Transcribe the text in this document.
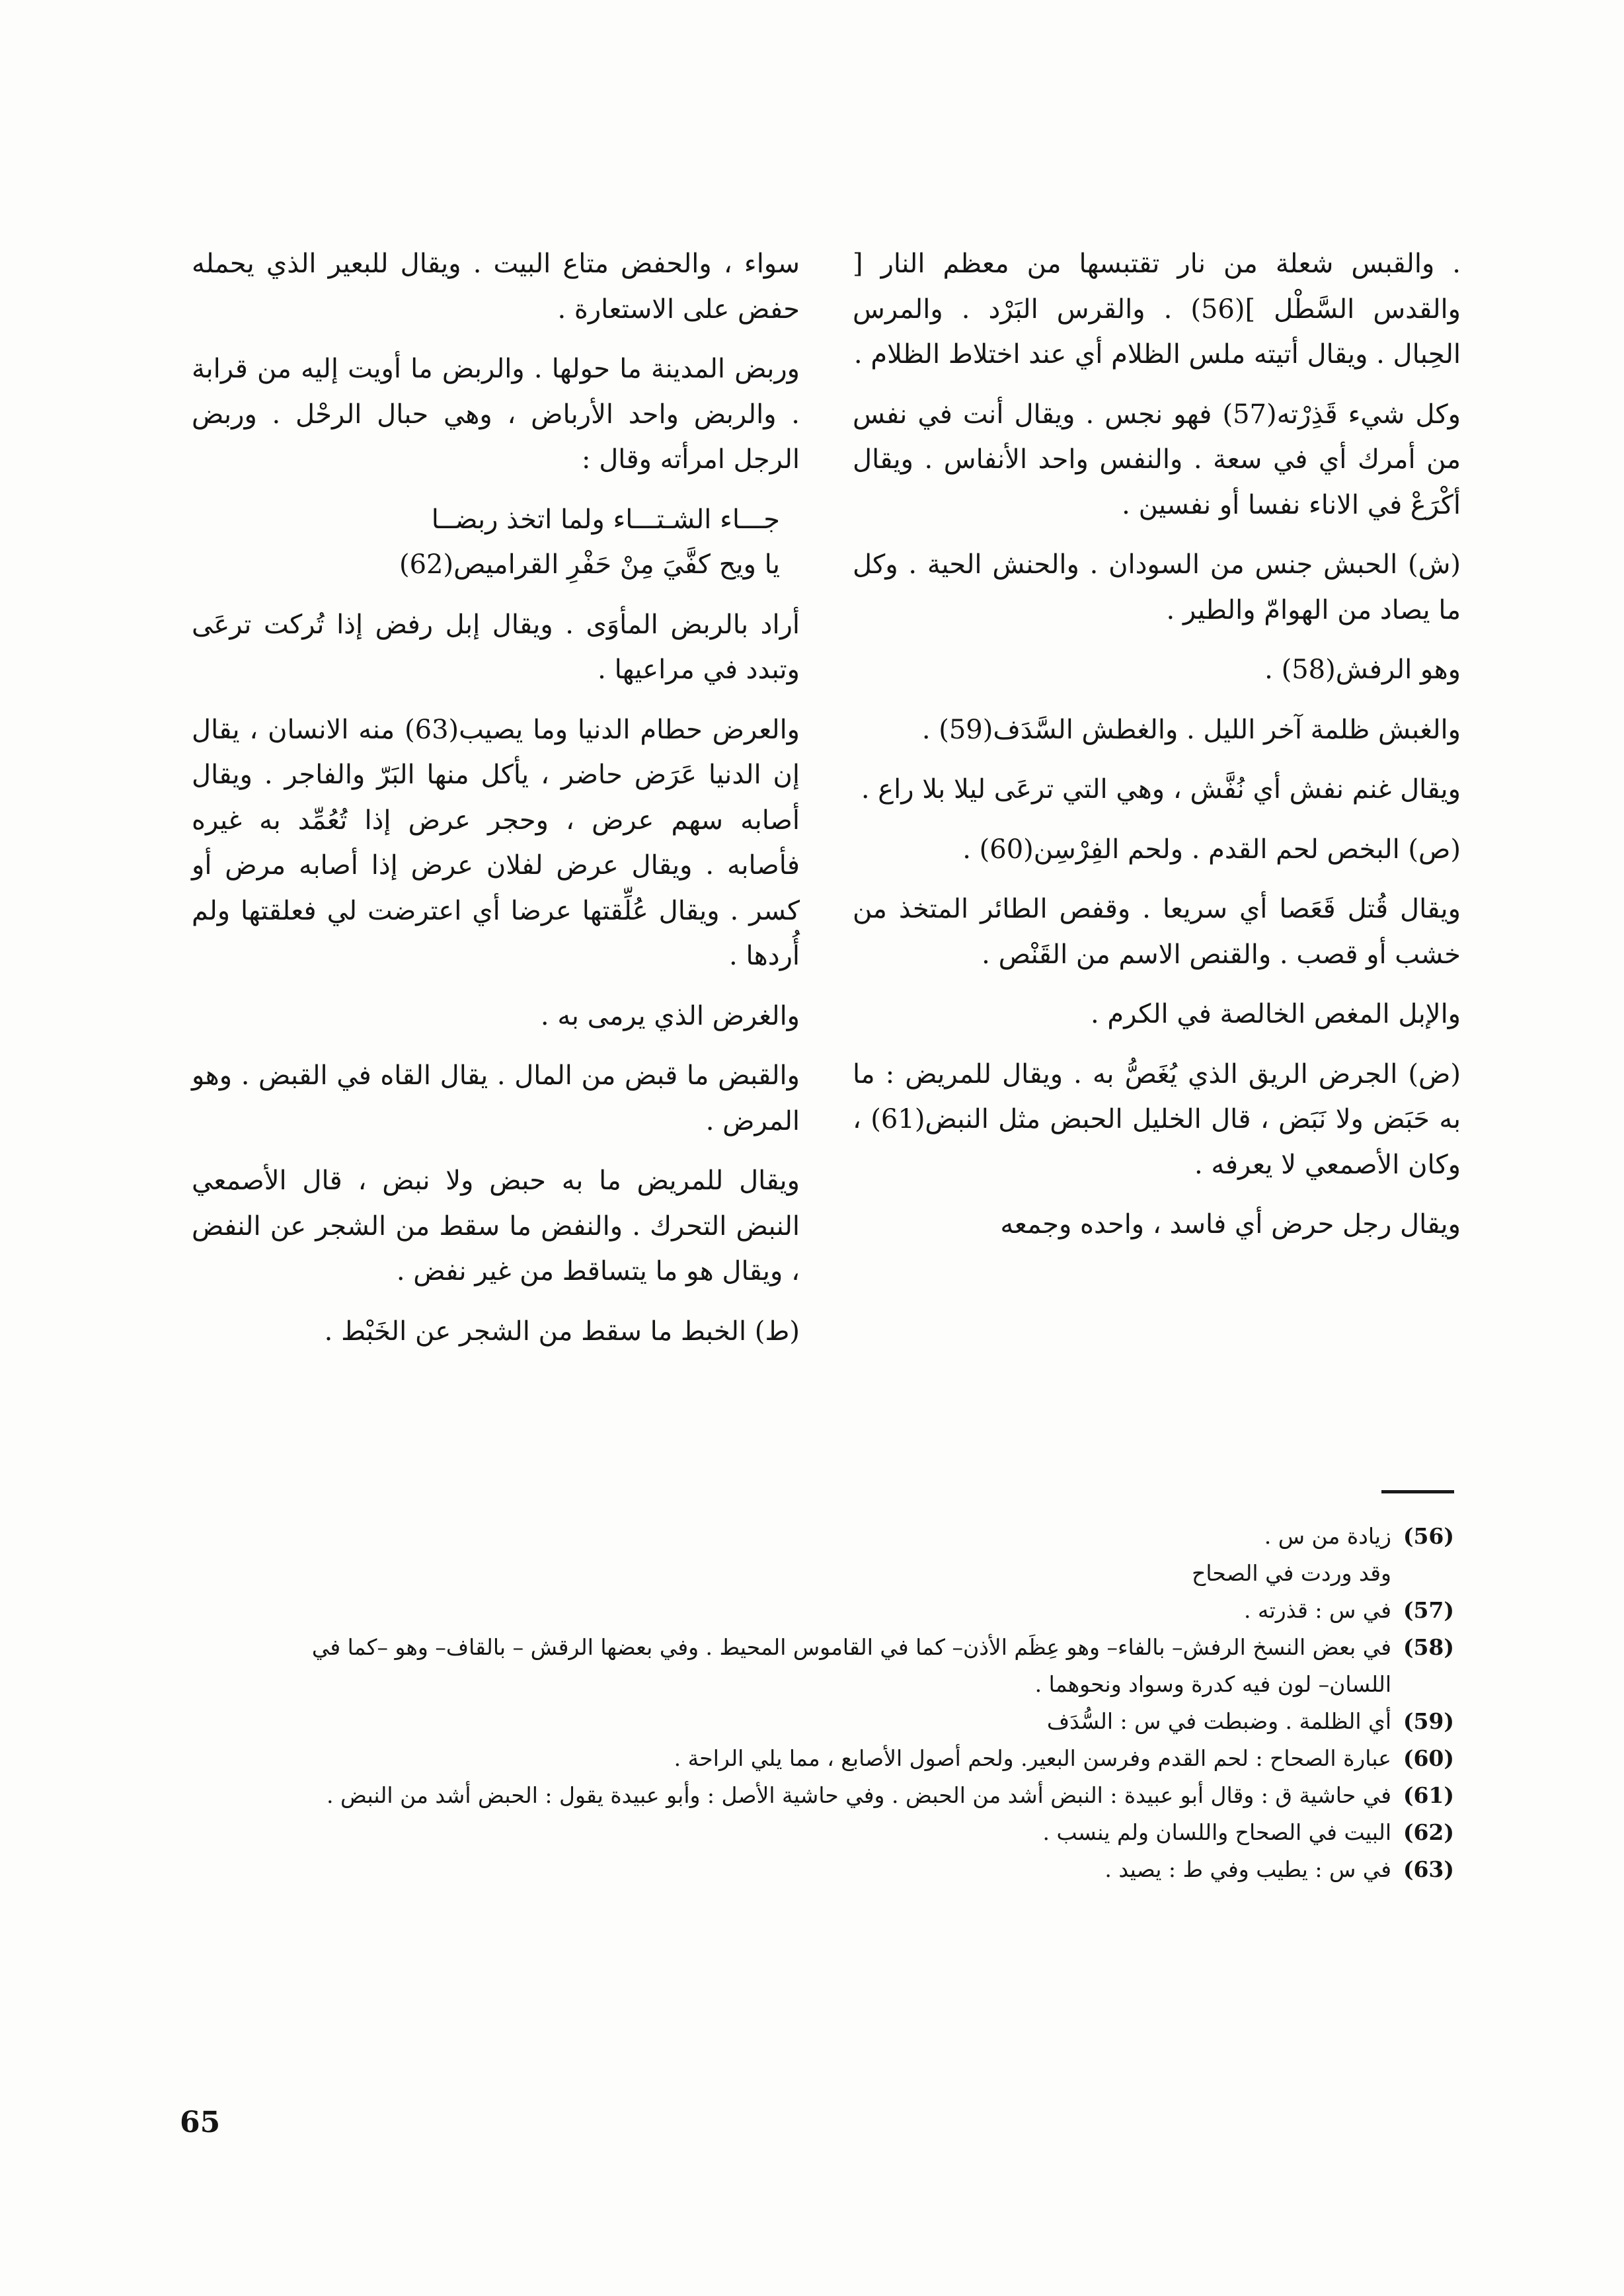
. والقبس شعلة من نار تقتبسها من معظم النار [ والقدس السَّطْل ](56) . والقرس البَرْد . والمرس الحِبال . ويقال أتيته ملس الظلام أي عند اختلاط الظلام .

وكل شيء قَذِرْته(57) فهو نجس . ويقال أنت في نفس من أمرك أي في سعة . والنفس واحد الأنفاس . ويقال أكْرَعْ في الاناء نفسا أو نفسين .

(ش) الحبش جنس من السودان . والحنش الحية . وكل ما يصاد من الهوامّ والطير .

وهو الرفش(58) .

والغبش ظلمة آخر الليل . والغطش السَّدَف(59) .

ويقال غنم نفش أي نُفَّش ، وهي التي ترعَى ليلا بلا راع .

(ص) البخص لحم القدم . ولحم الفِرْسِن(60) .

ويقال قُتل قَعَصا أي سريعا . وقفص الطائر المتخذ من خشب أو قصب . والقنص الاسم من القَنْص .

والإبل المغص الخالصة في الكرم .

(ض) الجرض الريق الذي يُغَصُّ به . ويقال للمريض : ما به حَبَض ولا نَبَض ، قال الخليل الحبض مثل النبض(61) ، وكان الأصمعي لا يعرفه .

ويقال رجل حرض أي فاسد ، واحده وجمعه

سواء ، والحفض متاع البيت . ويقال للبعير الذي يحمله حفض على الاستعارة .

وربض المدينة ما حولها . والربض ما أويت إليه من قرابة . والربض واحد الأرباض ، وهي حبال الرحْل . وربض الرجل امرأته وقال :

جـــاء الشـتـــاء ولما اتخذ ربضــا
يا ويح كفَّيَ مِنْ حَفْرِ القراميص(62)

أراد بالربض المأوَى . ويقال إبل رفض إذا تُركت ترعَى وتبدد في مراعيها .

والعرض حطام الدنيا وما يصيب(63) منه الانسان ، يقال إن الدنيا عَرَض حاضر ، يأكل منها البَرّ والفاجر . ويقال أصابه سهم عرض ، وحجر عرض إذا تُعُمِّد به غيره فأصابه . ويقال عرض لفلان عرض إذا أصابه مرض أو كسر . ويقال عُلِّقتها عرضا أي اعترضت لي فعلقتها ولم أُردها .

والغرض الذي يرمى به .

والقبض ما قبض من المال . يقال القاه في القبض . وهو المرض .

ويقال للمريض ما به حبض ولا نبض ، قال الأصمعي النبض التحرك . والنفض ما سقط من الشجر عن النفض ، ويقال هو ما يتساقط من غير نفض .

(ط) الخبط ما سقط من الشجر عن الخَبْط .

(56)زيادة من س .
وقد وردت في الصحاح
(57)في س : قذرته .
(58)في بعض النسخ الرفش– بالفاء– وهو عِظَم الأذن– كما في القاموس المحيط . وفي بعضها الرقش – بالقاف– وهو –كما في
اللسان– لون فيه كدرة وسواد ونحوهما .
(59)أي الظلمة . وضبطت في س : السُّدَف
(60)عبارة الصحاح : لحم القدم وفرسن البعير. ولحم أصول الأصابع ، مما يلي الراحة .
(61)في حاشية ق : وقال أبو عبيدة : النبض أشد من الحبض . وفي حاشية الأصل : وأبو عبيدة يقول : الحبض أشد من النبض .
(62)البيت في الصحاح واللسان ولم ينسب .
(63)في س : يطيب وفي ط : يصيد .
65
